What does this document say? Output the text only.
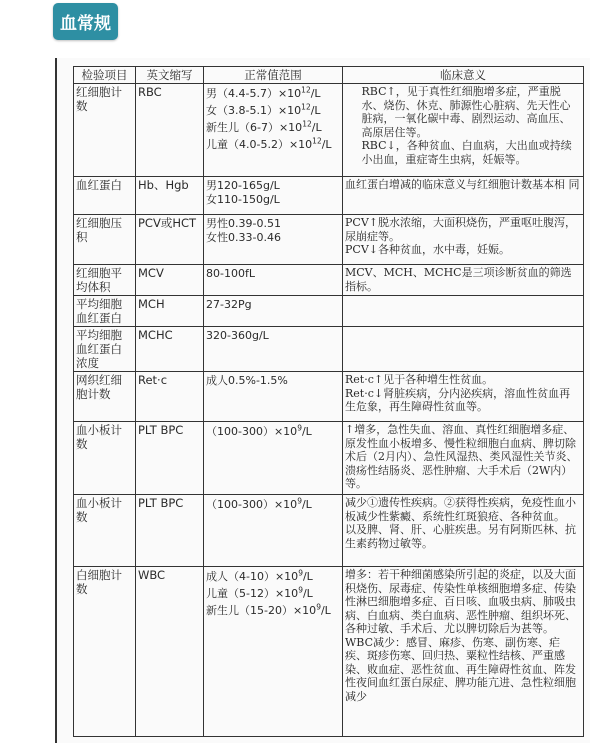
血常规
检验项目	英文缩写	正常值范围	临床意义
红细胞计数	RBC	男$(4.4-5.7)\times 10^{12}/L$
女$(3.8-5.1)\times 10^{12}/L$
新生儿$(6-7)\times 10^{12}/L$
儿童$(4.0-5.2)\times 10^{12}/L$	RBC↑，见于真性红细胞增多症，严重脱水、烧伤、休克、肺源性心脏病、先天性心脏病，一氧化碳中毒、剧烈运动、高血压、高原居住等。
RBC↓，各种贫血、白血病，大出血或持续小出血，重症寄生虫病，妊娠等。

血红蛋白	Hb、Hgb	男120-165g/L
女110-150g/L	血红蛋白增减的临床意义与红细胞计数基本相 同

红细胞压积	PCV或HCT	男性0.39-0.51
女性0.33-0.46	PCV↑脱水浓缩，大面积烧伤，严重呕吐腹泻，尿崩症等。
PCV↓各种贫血，水中毒，妊娠。

红细胞平均体积	MCV	80-100fL	MCV、MCH、MCHC是三项诊断贫血的筛选指标。

平均细胞血红蛋白	MCH	27-32Pg	

平均细胞血红蛋白浓度	MCHC	320-360g/L	

网织红细胞计数	Ret·c	成人0.5%-1.5%	Ret·c↑见于各种增生性贫血。
Ret·c↓肾脏疾病，分内泌疾病，溶血性贫血再生危象，再生障碍性贫血等。

血小板计数	PLT BPC	$(100-300)\times 10^9/L$	↑增多，急性失血、溶血、真性红细胞增多症、原发性血小板增多、慢性粒细胞白血病、脾切除术后（2月内）、急性风湿热、类风湿性关节炎、溃疡性结肠炎、恶性肿瘤、大手术后（2W内）等。

血小板计数	PLT BPC	$(100-300)\times 10^9/L$	减少①遗传性疾病。②获得性疾病，免疫性血小板减少性紫癜、系统性红斑狼疮、各种贫血。
以及脾、肾、肝、心脏疾患。另有阿斯匹林、抗生素药物过敏等。

白细胞计数	WBC	成人$(4-10)\times 10^9/L$
儿童$(5-12)\times 10^9/L$
新生儿$(15-20)\times 10^9/L$	增多：若干种细菌感染所引起的炎症，以及大面积烧伤、尿毒症、传染性单核细胞增多症、传染性淋巴细胞增多症、百日咳、血吸虫病、肺吸虫病、白血病、类白血病、恶性肿瘤、组织坏死、各种过敏、手术后、尤以脾切除后为甚等。
WBC减少：感冒、麻疹、伤寒、副伤寒、疟疾、斑疹伤寒、回归热、粟粒性结核、严重感染、败血症、恶性贫血、再生障碍性贫血、阵发性夜间血红蛋白尿症、脾功能亢进、急性粒细胞减少
